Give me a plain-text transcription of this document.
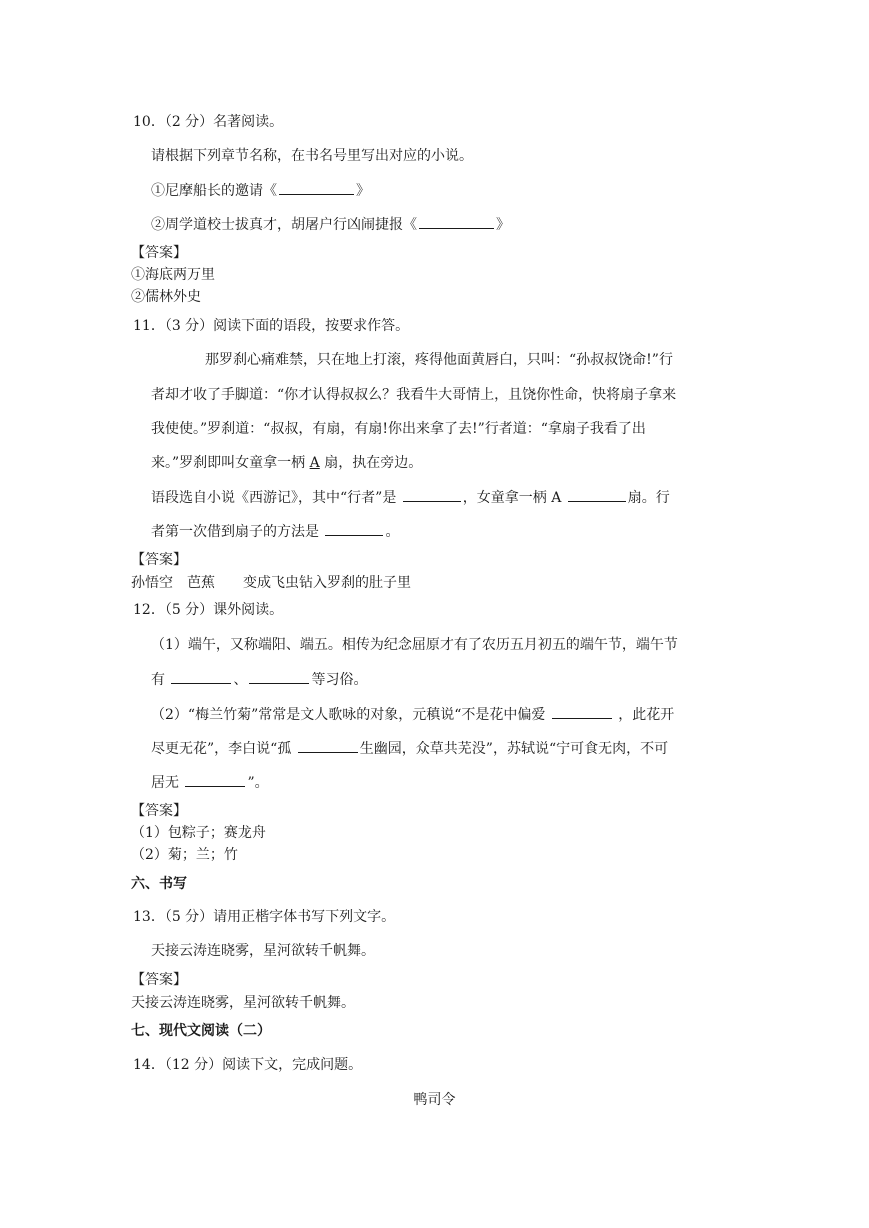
10．（2 分）名著阅读。
请根据下列章节名称，在书名号里写出对应的小说。
①尼摩船长的邀请《	》
②周学道校士拔真才，胡屠户行凶闹捷报《	》
【答案】
①海底两万里
②儒林外史
11．（3 分）阅读下面的语段，按要求作答。
那罗刹心痛难禁，只在地上打滚，疼得他面黄唇白，只叫：“孙叔叔饶命!”行
者却才收了手脚道：“你才认得叔叔么？我看牛大哥情上，且饶你性命，快将扇子拿来
我使使。”罗刹道：“叔叔，有扇，有扇!你出来拿了去!”行者道：“拿扇子我看了出
来。”罗刹即叫女童拿一柄 A 扇，执在旁边。
语段选自小说《西游记》，其中“行者”是	，女童拿一柄 A	扇。行
者第一次借到扇子的方法是	。
【答案】
孙悟空　芭蕉　　变成飞虫钻入罗刹的肚子里
12．（5 分）课外阅读。
（1）端午，又称端阳、端五。相传为纪念屈原才有了农历五月初五的端午节，端午节
有	、	等习俗。
（2）“梅兰竹菊”常常是文人歌咏的对象，元稹说“不是花中偏爱	，此花开
尽更无花”，李白说“孤	生幽园，众草共芜没”，苏轼说“宁可食无肉，不可
居无	”。
【答案】
（1）包粽子；赛龙舟
（2）菊；兰；竹
六、书写
13．（5 分）请用正楷字体书写下列文字。
天接云涛连晓雾，星河欲转千帆舞。
【答案】
天接云涛连晓雾，星河欲转千帆舞。
七、现代文阅读（二）
14．（12 分）阅读下文，完成问题。
鸭司令
